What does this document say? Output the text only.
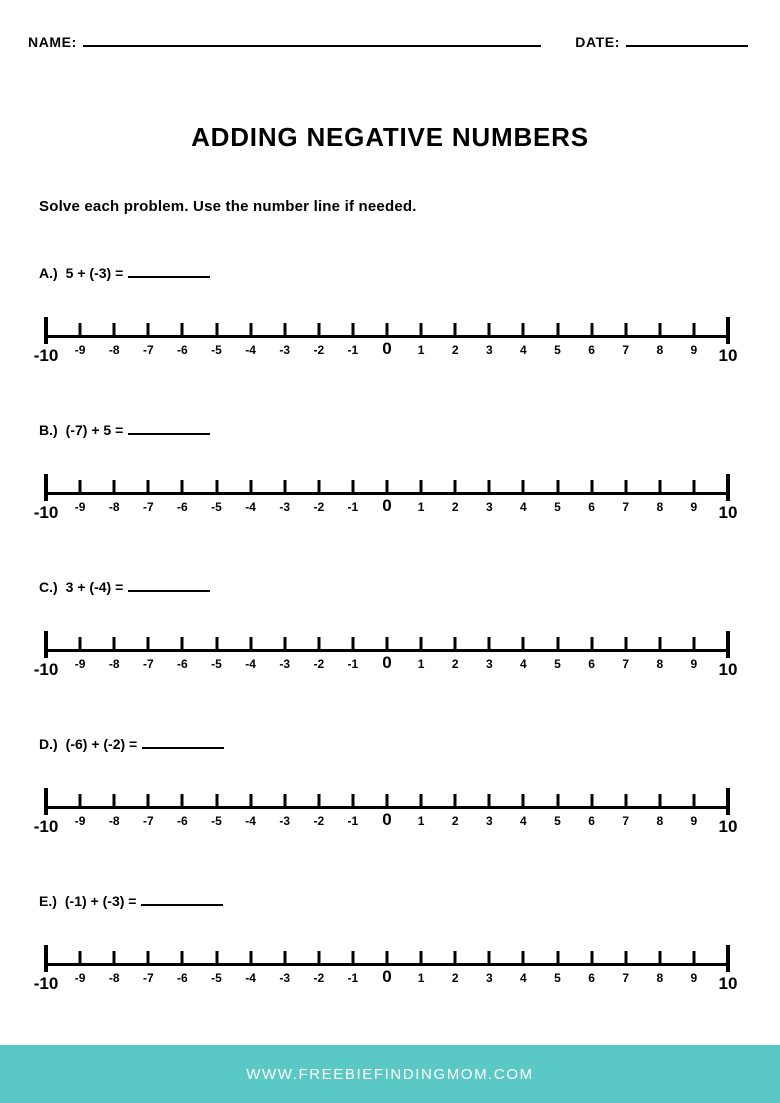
NAME:	DATE:
ADDING NEGATIVE NUMBERS
Solve each problem. Use the number line if needed.
A.) 5 + (-3) =
-10 -9 -8 -7 -6 -5 -4 -3 -2 -1 0 1 2 3 4 5 6 7 8 9 10
B.) (-7) + 5 =
-10 -9 -8 -7 -6 -5 -4 -3 -2 -1 0 1 2 3 4 5 6 7 8 9 10
C.) 3 + (-4) =
-10 -9 -8 -7 -6 -5 -4 -3 -2 -1 0 1 2 3 4 5 6 7 8 9 10
D.) (-6) + (-2) =
-10 -9 -8 -7 -6 -5 -4 -3 -2 -1 0 1 2 3 4 5 6 7 8 9 10
E.) (-1) + (-3) =
-10 -9 -8 -7 -6 -5 -4 -3 -2 -1 0 1 2 3 4 5 6 7 8 9 10
WWW.FREEBIEFINDINGMOM.COM
